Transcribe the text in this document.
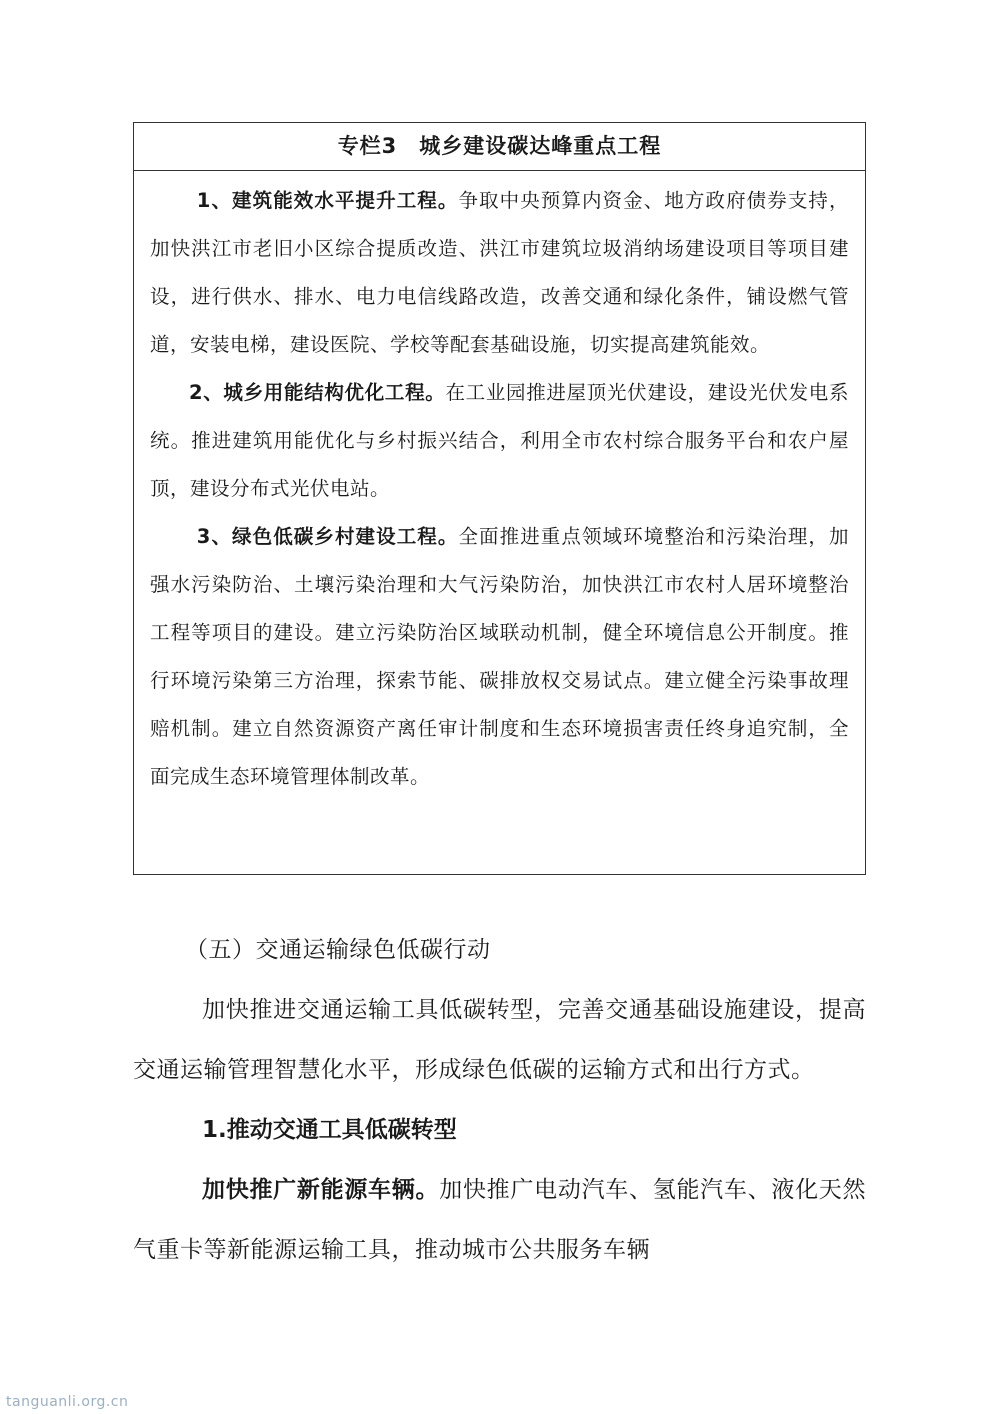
专栏3　城乡建设碳达峰重点工程

1、建筑能效水平提升工程。争取中央预算内资金、地方政府债券支持，加快洪江市老旧小区综合提质改造、洪江市建筑垃圾消纳场建设项目等项目建设，进行供水、排水、电力电信线路改造，改善交通和绿化条件，铺设燃气管道，安装电梯，建设医院、学校等配套基础设施，切实提高建筑能效。

2、城乡用能结构优化工程。在工业园推进屋顶光伏建设，建设光伏发电系统。推进建筑用能优化与乡村振兴结合，利用全市农村综合服务平台和农户屋顶，建设分布式光伏电站。

3、绿色低碳乡村建设工程。全面推进重点领域环境整治和污染治理，加强水污染防治、土壤污染治理和大气污染防治，加快洪江市农村人居环境整治工程等项目的建设。建立污染防治区域联动机制，健全环境信息公开制度。推行环境污染第三方治理，探索节能、碳排放权交易试点。建立健全污染事故理赔机制。建立自然资源资产离任审计制度和生态环境损害责任终身追究制，全面完成生态环境管理体制改革。

（五）交通运输绿色低碳行动

加快推进交通运输工具低碳转型，完善交通基础设施建设，提高交通运输管理智慧化水平，形成绿色低碳的运输方式和出行方式。

1.推动交通工具低碳转型

加快推广新能源车辆。加快推广电动汽车、氢能汽车、液化天然气重卡等新能源运输工具，推动城市公共服务车辆

tanguanli.org.cn
